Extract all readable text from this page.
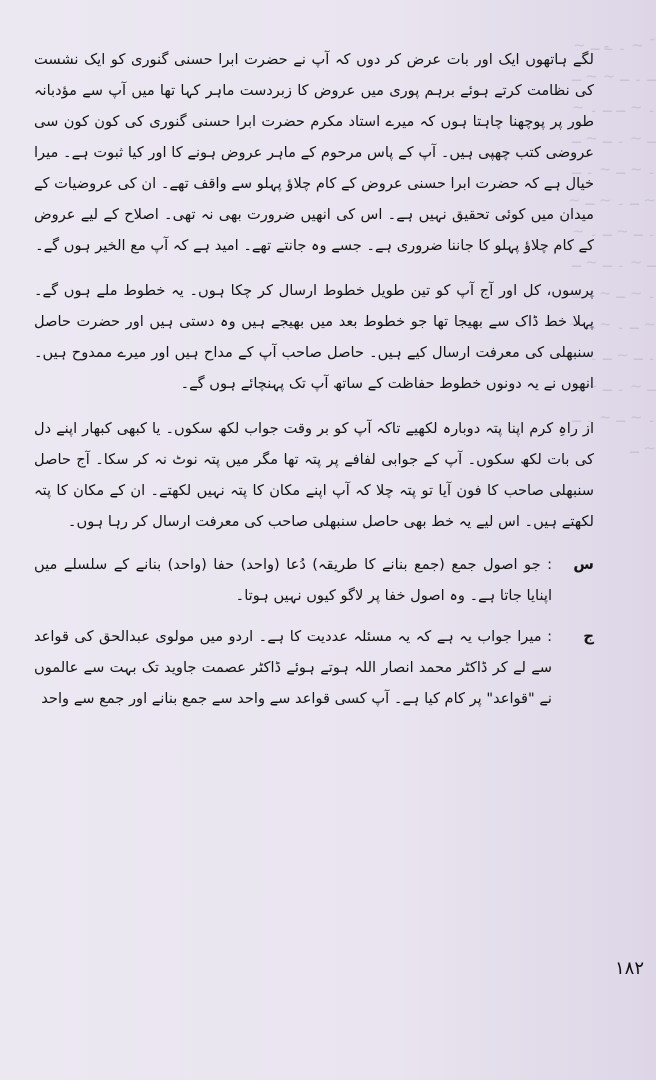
˜ ~ ۔ ؎ ـ ~ ـ ۔ ـ ~ ~ ـ ۔ ~ ـ ـ ۔ ~ ـ ~ ۔ ـ ~ ـ ۔ ~ ـ ~ ۔ ـ ~ ـ ۔ ~ ـ ~ ۔ ـ ~ ـ ۔ ~ ـ ~ ۔ ـ ~ ـ ۔ ~ ـ ~ ۔ ـ ~ ـ ۔ ~ ـ ~ ۔ ـ ~ ـ ۔ ~ ـ ~ ۔ ـ ~ ـ ۔ ~ ـ ~ ۔ ـ ~ ـ

لگے ہاتھوں ایک اور بات عرض کر دوں کہ آپ نے حضرت ابرا حسنی گنوری کو ایک نشست کی نظامت کرتے ہوئے برہم پوری میں عروض کا زبردست ماہر کہا تھا میں آپ سے مؤدبانہ طور پر پوچھنا چاہتا ہوں کہ میرے استاد مکرم حضرت ابرا حسنی گنوری کی کون کون سی عروضی کتب چھپی ہیں۔ آپ کے پاس مرحوم کے ماہر عروض ہونے کا اور کیا ثبوت ہے۔ میرا خیال ہے کہ حضرت ابرا حسنی عروض کے کام چلاؤ پہلو سے واقف تھے۔ ان کی عروضیات کے میدان میں کوئی تحقیق نہیں ہے۔ اس کی انھیں ضرورت بھی نہ تھی۔ اصلاح کے لیے عروض کے کام چلاؤ پہلو کا جاننا ضروری ہے۔ جسے وہ جانتے تھے۔ امید ہے کہ آپ مع الخیر ہوں گے۔

پرسوں، کل اور آج آپ کو تین طویل خطوط ارسال کر چکا ہوں۔ یہ خطوط ملے ہوں گے۔ پہلا خط ڈاک سے بھیجا تھا جو خطوط بعد میں بھیجے ہیں وہ دستی ہیں اور حضرت حاصل سنبھلی کی معرفت ارسال کیے ہیں۔ حاصل صاحب آپ کے مداح ہیں اور میرے ممدوح ہیں۔ انھوں نے یہ دونوں خطوط حفاظت کے ساتھ آپ تک پہنچائے ہوں گے۔

از راہِ کرم اپنا پتہ دوبارہ لکھیے تاکہ آپ کو بر وقت جواب لکھ سکوں۔ یا کبھی کبھار اپنے دل کی بات لکھ سکوں۔ آپ کے جوابی لفافے پر پتہ تھا مگر میں پتہ نوٹ نہ کر سکا۔ آج حاصل سنبھلی صاحب کا فون آیا تو پتہ چلا کہ آپ اپنے مکان کا پتہ نہیں لکھتے۔ ان کے مکان کا پتہ لکھتے ہیں۔ اس لیے یہ خط بھی حاصل سنبھلی صاحب کی معرفت ارسال کر رہا ہوں۔

س
: جو اصول جمع (جمع بنانے کا طریقہ) دُعا (واحد) حفا (واحد) بنانے کے سلسلے میں اپنایا جاتا ہے۔ وہ اصول خفا پر لاگو کیوں نہیں ہوتا۔
ج
: میرا جواب یہ ہے کہ یہ مسئلہ عددیت کا ہے۔ اردو میں مولوی عبدالحق کی قواعد سے لے کر ڈاکٹر محمد انصار اللہ ہوتے ہوئے ڈاکٹر عصمت جاوید تک بہت سے عالموں نے "قواعد" پر کام کیا ہے۔ آپ کسی قواعد سے واحد سے جمع بنانے اور جمع سے واحد
۱۸۲
